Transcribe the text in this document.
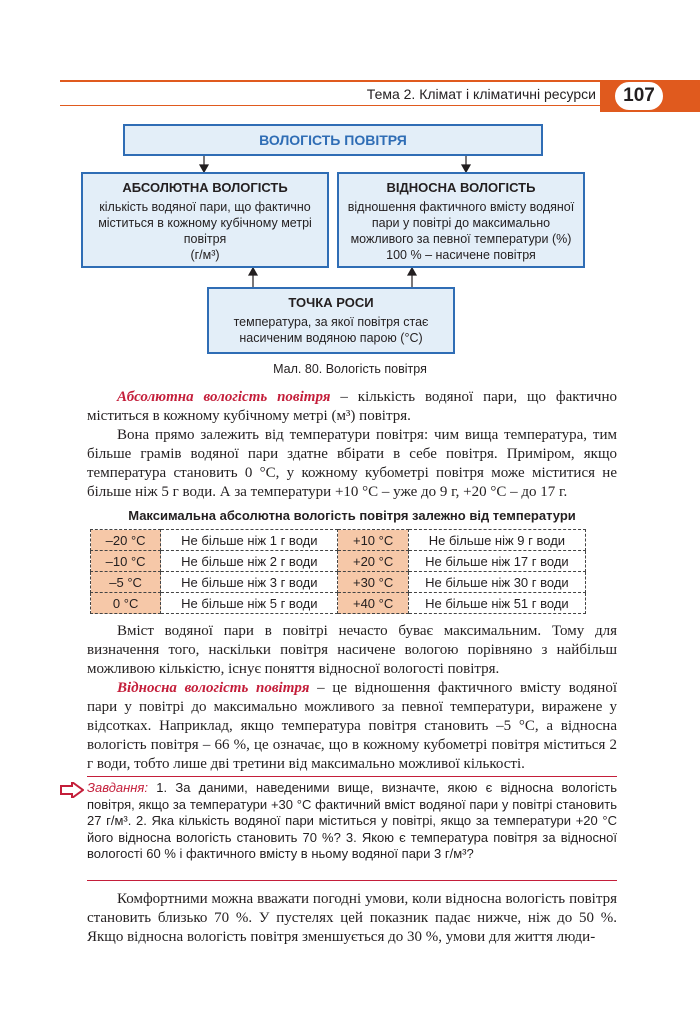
Тема 2. Клімат і кліматичні ресурси	107
ВОЛОГІСТЬ ПОВІТРЯ
АБСОЛЮТНА ВОЛОГІСТЬ
кількість водяної пари, що фактично
міститься в кожному кубічному метрі
повітря
(г/м³)
ВІДНОСНА ВОЛОГІСТЬ
відношення фактичного вмісту водяної
пари у повітрі до максимально
можливого за певної температури (%)
100 % – насичене повітря
ТОЧКА РОСИ
температура, за якої повітря стає
насиченим водяною парою (°С)
Мал. 80. Вологість повітря
Абсолютна вологість повітря – кількість водяної пари, що фактично міститься в кожному кубічному метрі (м³) повітря.
Вона прямо залежить від температури повітря: чим вища температура, тим більше грамів водяної пари здатне вбірати в себе повітря. Приміром, якщо температура становить 0 °С, у кожному кубометрі повітря може міститися не більше ніж 5 г води. А за температури +10 °С – уже до 9 г, +20 °С – до 17 г.
Максимальна абсолютна вологість повітря залежно від температури
–20 °С	Не більше ніж 1 г води	+10 °С	Не більше ніж 9 г води
–10 °С	Не більше ніж 2 г води	+20 °С	Не більше ніж 17 г води
–5 °С	Не більше ніж 3 г води	+30 °С	Не більше ніж 30 г води
0 °С	Не більше ніж 5 г води	+40 °С	Не більше ніж 51 г води
Вміст водяної пари в повітрі нечасто буває максимальним. Тому для визначення того, наскільки повітря насичене вологою порівняно з найбільш можливою кількістю, існує поняття відносної вологості повітря.
Відносна вологість повітря – це відношення фактичного вмісту водяної пари у повітрі до максимально можливого за певної температури, виражене у відсотках. Наприклад, якщо температура повітря становить –5 °С, а відносна вологість повітря – 66 %, це означає, що в кожному кубометрі повітря міститься 2 г води, тобто лише дві третини від максимально можливої кількості.
Завдання: 1. За даними, наведеними вище, визначте, якою є відносна вологість повітря, якщо за температури +30 °С фактичний вміст водяної пари у повітрі становить 27 г/м³. 2. Яка кількість водяної пари міститься у повітрі, якщо за температури +20 °С його відносна вологість становить 70 %? 3. Якою є температура повітря за відносної вологості 60 % і фактичного вмісту в ньому водяної пари 3 г/м³?
Комфортними можна вважати погодні умови, коли відносна вологість повітря становить близько 70 %. У пустелях цей показник падає нижче, ніж до 50 %. Якщо відносна вологість повітря зменшується до 30 %, умови для життя люди-
